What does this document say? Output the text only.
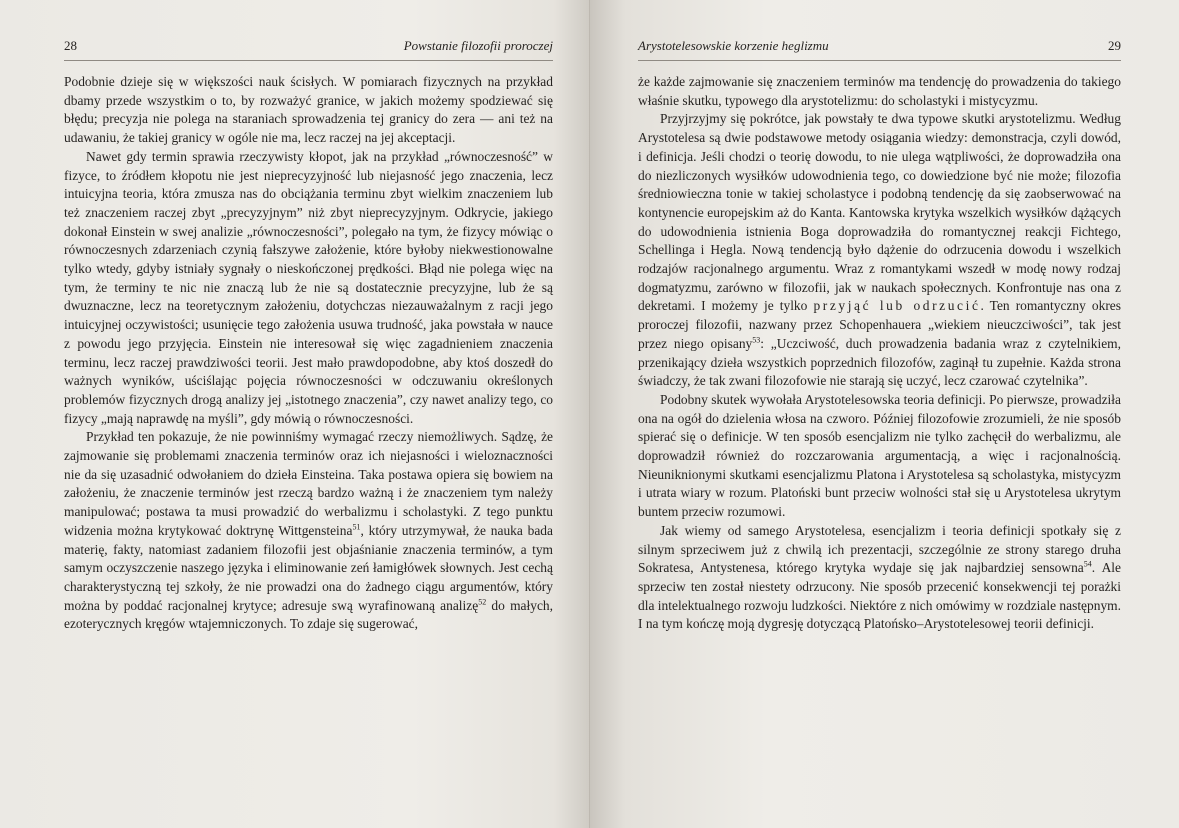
28	Powstanie filozofii proroczej

Podobnie dzieje się w większości nauk ścisłych. W pomiarach fizycznych na przykład dbamy przede wszystkim o to, by rozważyć granice, w jakich możemy spodziewać się błędu; precyzja nie polega na staraniach sprowadzenia tej granicy do zera — ani też na udawaniu, że takiej granicy w ogóle nie ma, lecz raczej na jej akceptacji.

Nawet gdy termin sprawia rzeczywisty kłopot, jak na przykład „równoczesność” w fizyce, to źródłem kłopotu nie jest nieprecyzyjność lub niejasność jego znaczenia, lecz intuicyjna teoria, która zmusza nas do obciążania terminu zbyt wielkim znaczeniem lub też znaczeniem raczej zbyt „precyzyjnym” niż zbyt nieprecyzyjnym. Odkrycie, jakiego dokonał Einstein w swej analizie „równoczesności”, polegało na tym, że fizycy mówiąc o równoczesnych zdarzeniach czynią fałszywe założenie, które byłoby niekwestionowalne tylko wtedy, gdyby istniały sygnały o nieskończonej prędkości. Błąd nie polega więc na tym, że terminy te nic nie znaczą lub że nie są dostatecznie precyzyjne, lub że są dwuznaczne, lecz na teoretycznym założeniu, dotychczas niezauważalnym z racji jego intuicyjnej oczywistości; usunięcie tego założenia usuwa trudność, jaka powstała w nauce z powodu jego przyjęcia. Einstein nie interesował się więc zagadnieniem znaczenia terminu, lecz raczej prawdziwości teorii. Jest mało prawdopodobne, aby ktoś doszedł do ważnych wyników, uściślając pojęcia równoczesności w odczuwaniu określonych problemów fizycznych drogą analizy jej „istotnego znaczenia”, czy nawet analizy tego, co fizycy „mają naprawdę na myśli”, gdy mówią o równoczesności.

Przykład ten pokazuje, że nie powinniśmy wymagać rzeczy niemożliwych. Sądzę, że zajmowanie się problemami znaczenia terminów oraz ich niejasności i wieloznaczności nie da się uzasadnić odwołaniem do dzieła Einsteina. Taka postawa opiera się bowiem na założeniu, że znaczenie terminów jest rzeczą bardzo ważną i że znaczeniem tym należy manipulować; postawa ta musi prowadzić do werbalizmu i scholastyki. Z tego punktu widzenia można krytykować doktrynę Wittgensteina$^{51}$, który utrzymywał, że nauka bada materię, fakty, natomiast zadaniem filozofii jest objaśnianie znaczenia terminów, a tym samym oczyszczenie naszego języka i eliminowanie zeń łamigłówek słownych. Jest cechą charakterystyczną tej szkoły, że nie prowadzi ona do żadnego ciągu argumentów, który można by poddać racjonalnej krytyce; adresuje swą wyrafinowaną analizę$^{52}$ do małych, ezoterycznych kręgów wtajemniczonych. To zdaje się sugerować,

Arystotelesowskie korzenie heglizmu	29

że każde zajmowanie się znaczeniem terminów ma tendencję do prowadzenia do takiego właśnie skutku, typowego dla arystotelizmu: do scholastyki i mistycyzmu.

Przyjrzyjmy się pokrótce, jak powstały te dwa typowe skutki arystotelizmu. Według Arystotelesa są dwie podstawowe metody osiągania wiedzy: demonstracja, czyli dowód, i definicja. Jeśli chodzi o teorię dowodu, to nie ulega wątpliwości, że doprowadziła ona do niezliczonych wysiłków udowodnienia tego, co dowiedzione być nie może; filozofia średniowieczna tonie w takiej scholastyce i podobną tendencję da się zaobserwować na kontynencie europejskim aż do Kanta. Kantowska krytyka wszelkich wysiłków dążących do udowodnienia istnienia Boga doprowadziła do romantycznej reakcji Fichtego, Schellinga i Hegla. Nową tendencją było dążenie do odrzucenia dowodu i wszelkich rodzajów racjonalnego argumentu. Wraz z romantykami wszedł w modę nowy rodzaj dogmatyzmu, zarówno w filozofii, jak w naukach społecznych. Konfrontuje nas ona z dekretami. I możemy je tylko przyjąć lub odrzucić. Ten romantyczny okres proroczej filozofii, nazwany przez Schopenhauera „wiekiem nieuczciwości”, tak jest przez niego opisany$^{53}$: „Uczciwość, duch prowadzenia badania wraz z czytelnikiem, przenikający dzieła wszystkich poprzednich filozofów, zaginął tu zupełnie. Każda strona świadczy, że tak zwani filozofowie nie starają się uczyć, lecz czarować czytelnika”.

Podobny skutek wywołała Arystotelesowska teoria definicji. Po pierwsze, prowadziła ona na ogół do dzielenia włosa na czworo. Później filozofowie zrozumieli, że nie sposób spierać się o definicje. W ten sposób esencjalizm nie tylko zachęcił do werbalizmu, ale doprowadził również do rozczarowania argumentacją, a więc i racjonalnością. Nieuniknionymi skutkami esencjalizmu Platona i Arystotelesa są scholastyka, mistycyzm i utrata wiary w rozum. Platoński bunt przeciw wolności stał się u Arystotelesa ukrytym buntem przeciw rozumowi.

Jak wiemy od samego Arystotelesa, esencjalizm i teoria definicji spotkały się z silnym sprzeciwem już z chwilą ich prezentacji, szczególnie ze strony starego druha Sokratesa, Antystenesa, którego krytyka wydaje się jak najbardziej sensowna$^{54}$. Ale sprzeciw ten został niestety odrzucony. Nie sposób przecenić konsekwencji tej porażki dla intelektualnego rozwoju ludzkości. Niektóre z nich omówimy w rozdziale następnym. I na tym kończę moją dygresję dotyczącą Platońsko–Arystotelesowej teorii definicji.
